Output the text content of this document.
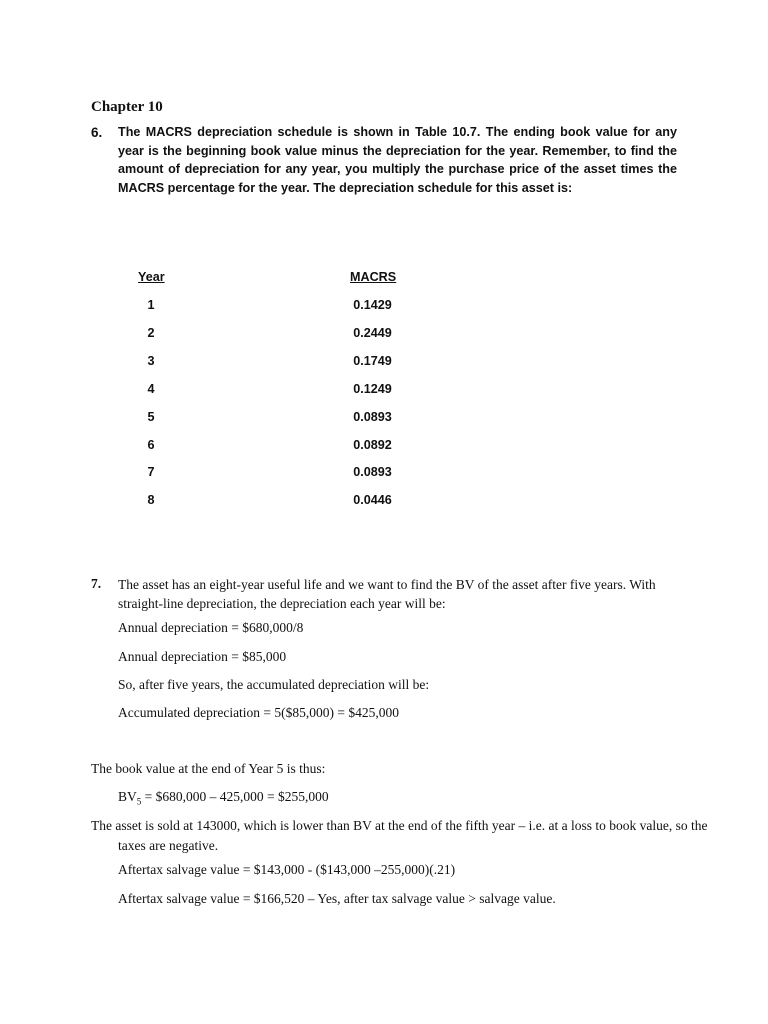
Chapter 10
6. The MACRS depreciation schedule is shown in Table 10.7. The ending book value for any year is the beginning book value minus the depreciation for the year. Remember, to find the amount of depreciation for any year, you multiply the purchase price of the asset times the MACRS percentage for the year. The depreciation schedule for this asset is:
Year	MACRS
1	0.1429
2	0.2449
3	0.1749
4	0.1249
5	0.0893
6	0.0892
7	0.0893
8	0.0446
7. The asset has an eight-year useful life and we want to find the BV of the asset after five years. With straight-line depreciation, the depreciation each year will be:
Annual depreciation = $680,000/8
Annual depreciation = $85,000
So, after five years, the accumulated depreciation will be:
Accumulated depreciation = 5($85,000) = $425,000
The book value at the end of Year 5 is thus:
$BV_5$ = $680,000 – 425,000 = $255,000
The asset is sold at 143000, which is lower than BV at the end of the fifth year – i.e. at a loss to book value, so the taxes are negative.
Aftertax salvage value = $143,000 - ($143,000 –255,000)(.21)
Aftertax salvage value = $166,520 – Yes, after tax salvage value > salvage value.
